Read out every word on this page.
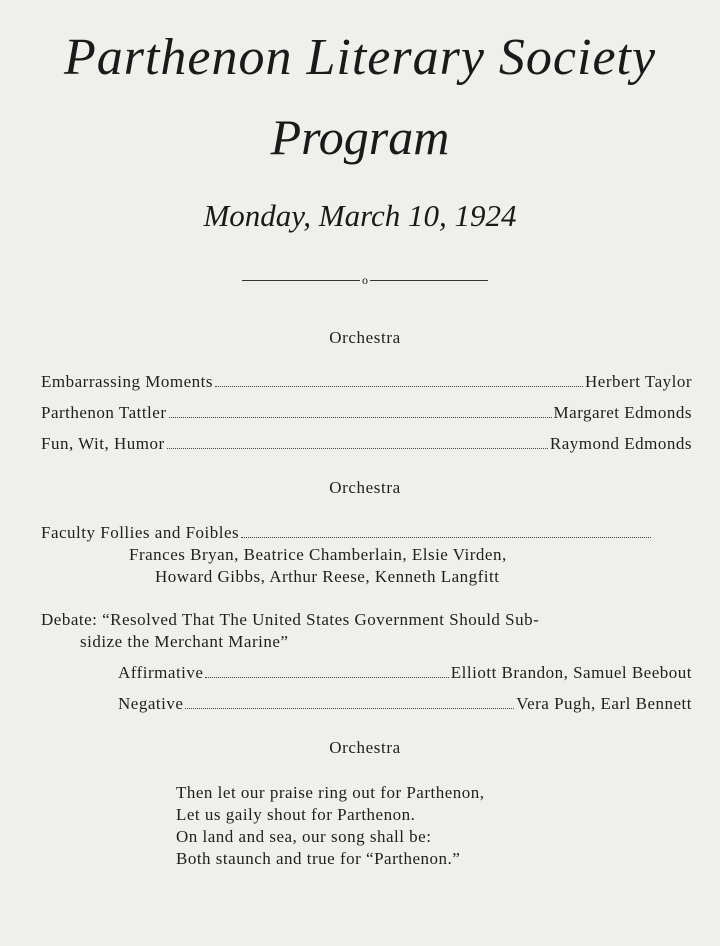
Parthenon Literary Society
Program
Monday, March 10, 1924
o
Orchestra
Embarrassing Moments	Herbert Taylor
Parthenon Tattler	Margaret Edmonds
Fun, Wit, Humor	Raymond Edmonds
Orchestra
Faculty Follies and Foibles
Frances Bryan, Beatrice Chamberlain, Elsie Virden,
Howard Gibbs, Arthur Reese, Kenneth Langfitt
Debate: “Resolved That The United States Government Should Sub-
sidize the Merchant Marine”
Affirmative	Elliott Brandon, Samuel Beebout
Negative	Vera Pugh, Earl Bennett
Orchestra
Then let our praise ring out for Parthenon,
Let us gaily shout for Parthenon.
On land and sea, our song shall be:
Both staunch and true for “Parthenon.”
